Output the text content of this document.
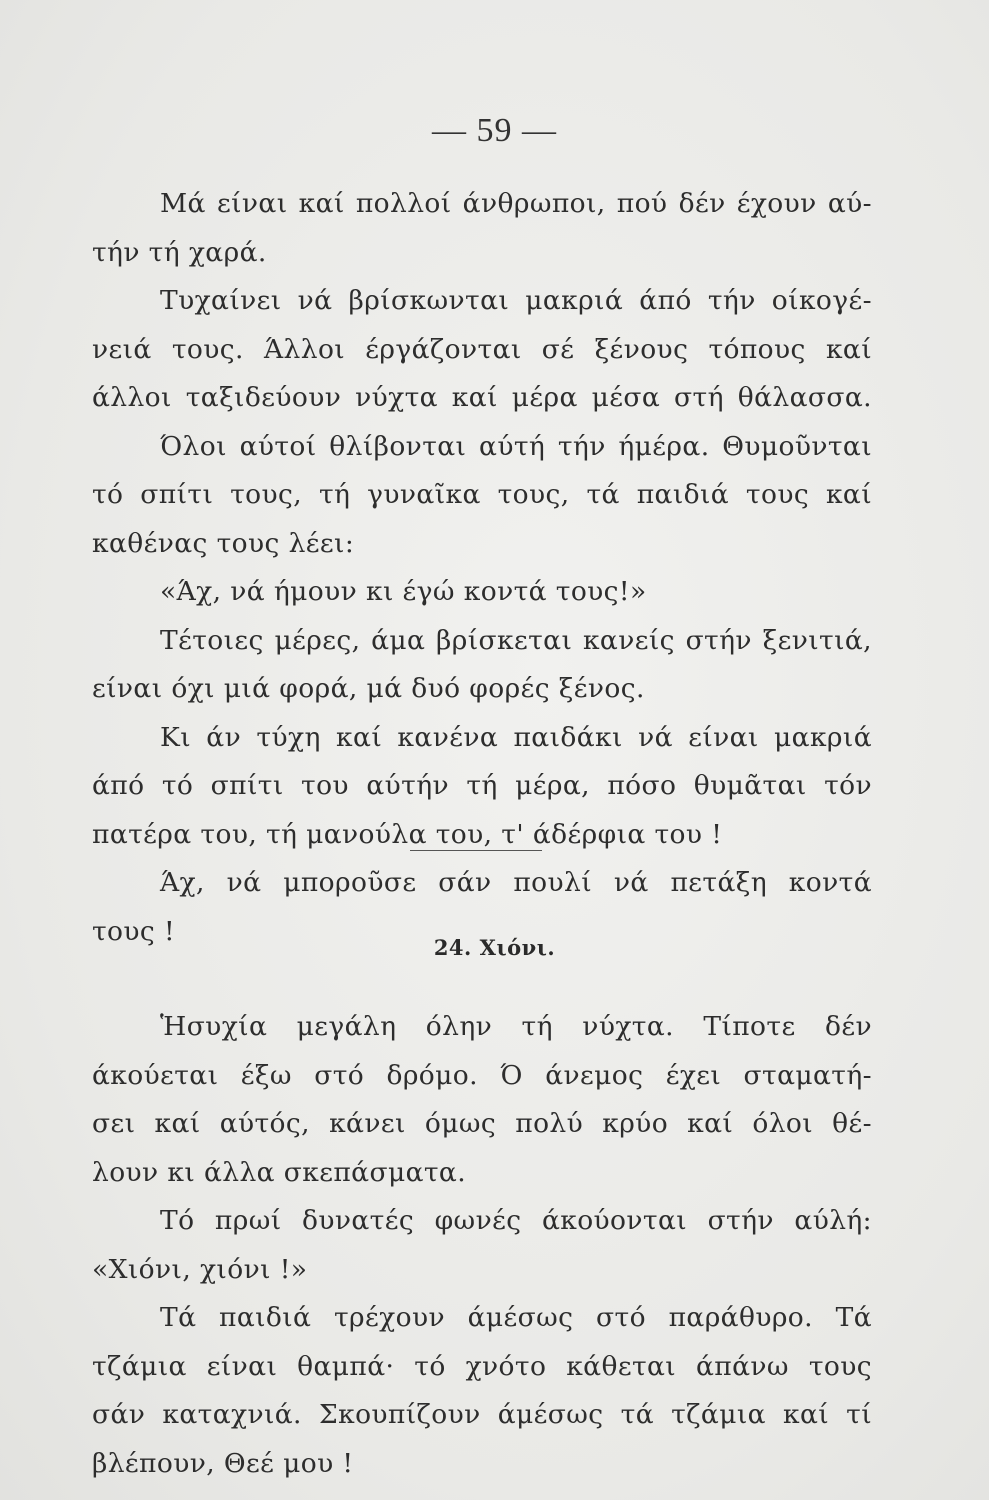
— 59 —
Μά είναι καί πολλοί άνθρωποι, πού δέν έχουν αύ-
τήν τή χαρά.
Τυχαίνει νά βρίσκωνται μακριά άπό τήν οίκογέ-
νειά τους. Άλλοι έργάζονται σέ ξένους τόπους καί
άλλοι ταξιδεύουν νύχτα καί μέρα μέσα στή θάλασσα.
Όλοι αύτοί θλίβονται αύτή τήν ήμέρα. Θυμοῦνται
τό σπίτι τους, τή γυναῖκα τους, τά παιδιά τους καί
καθένας τους λέει:
«Άχ, νά ήμουν κι έγώ κοντά τους!»
Τέτοιες μέρες, άμα βρίσκεται κανείς στήν ξενιτιά,
είναι όχι μιά φορά, μά δυό φορές ξένος.
Κι άν τύχη καί κανένα παιδάκι νά είναι μακριά
άπό τό σπίτι του αύτήν τή μέρα, πόσο θυμᾶται τόν
πατέρα του, τή μανούλα του, τ' άδέρφια του !
Άχ, νά μποροῦσε σάν πουλί νά πετάξη κοντά
τους !
24. Χιόνι.
Ἡσυχία μεγάλη όλην τή νύχτα. Τίποτε δέν
άκούεται έξω στό δρόμο. Ό άνεμος έχει σταματή-
σει καί αύτός, κάνει όμως πολύ κρύο καί όλοι θέ-
λουν κι άλλα σκεπάσματα.
Τό πρωί δυνατές φωνές άκούονται στήν αύλή:
«Χιόνι, χιόνι !»
Τά παιδιά τρέχουν άμέσως στό παράθυρο. Τά
τζάμια είναι θαμπά· τό χνότο κάθεται άπάνω τους
σάν καταχνιά. Σκουπίζουν άμέσως τά τζάμια καί τί
βλέπουν, Θεέ μου !
